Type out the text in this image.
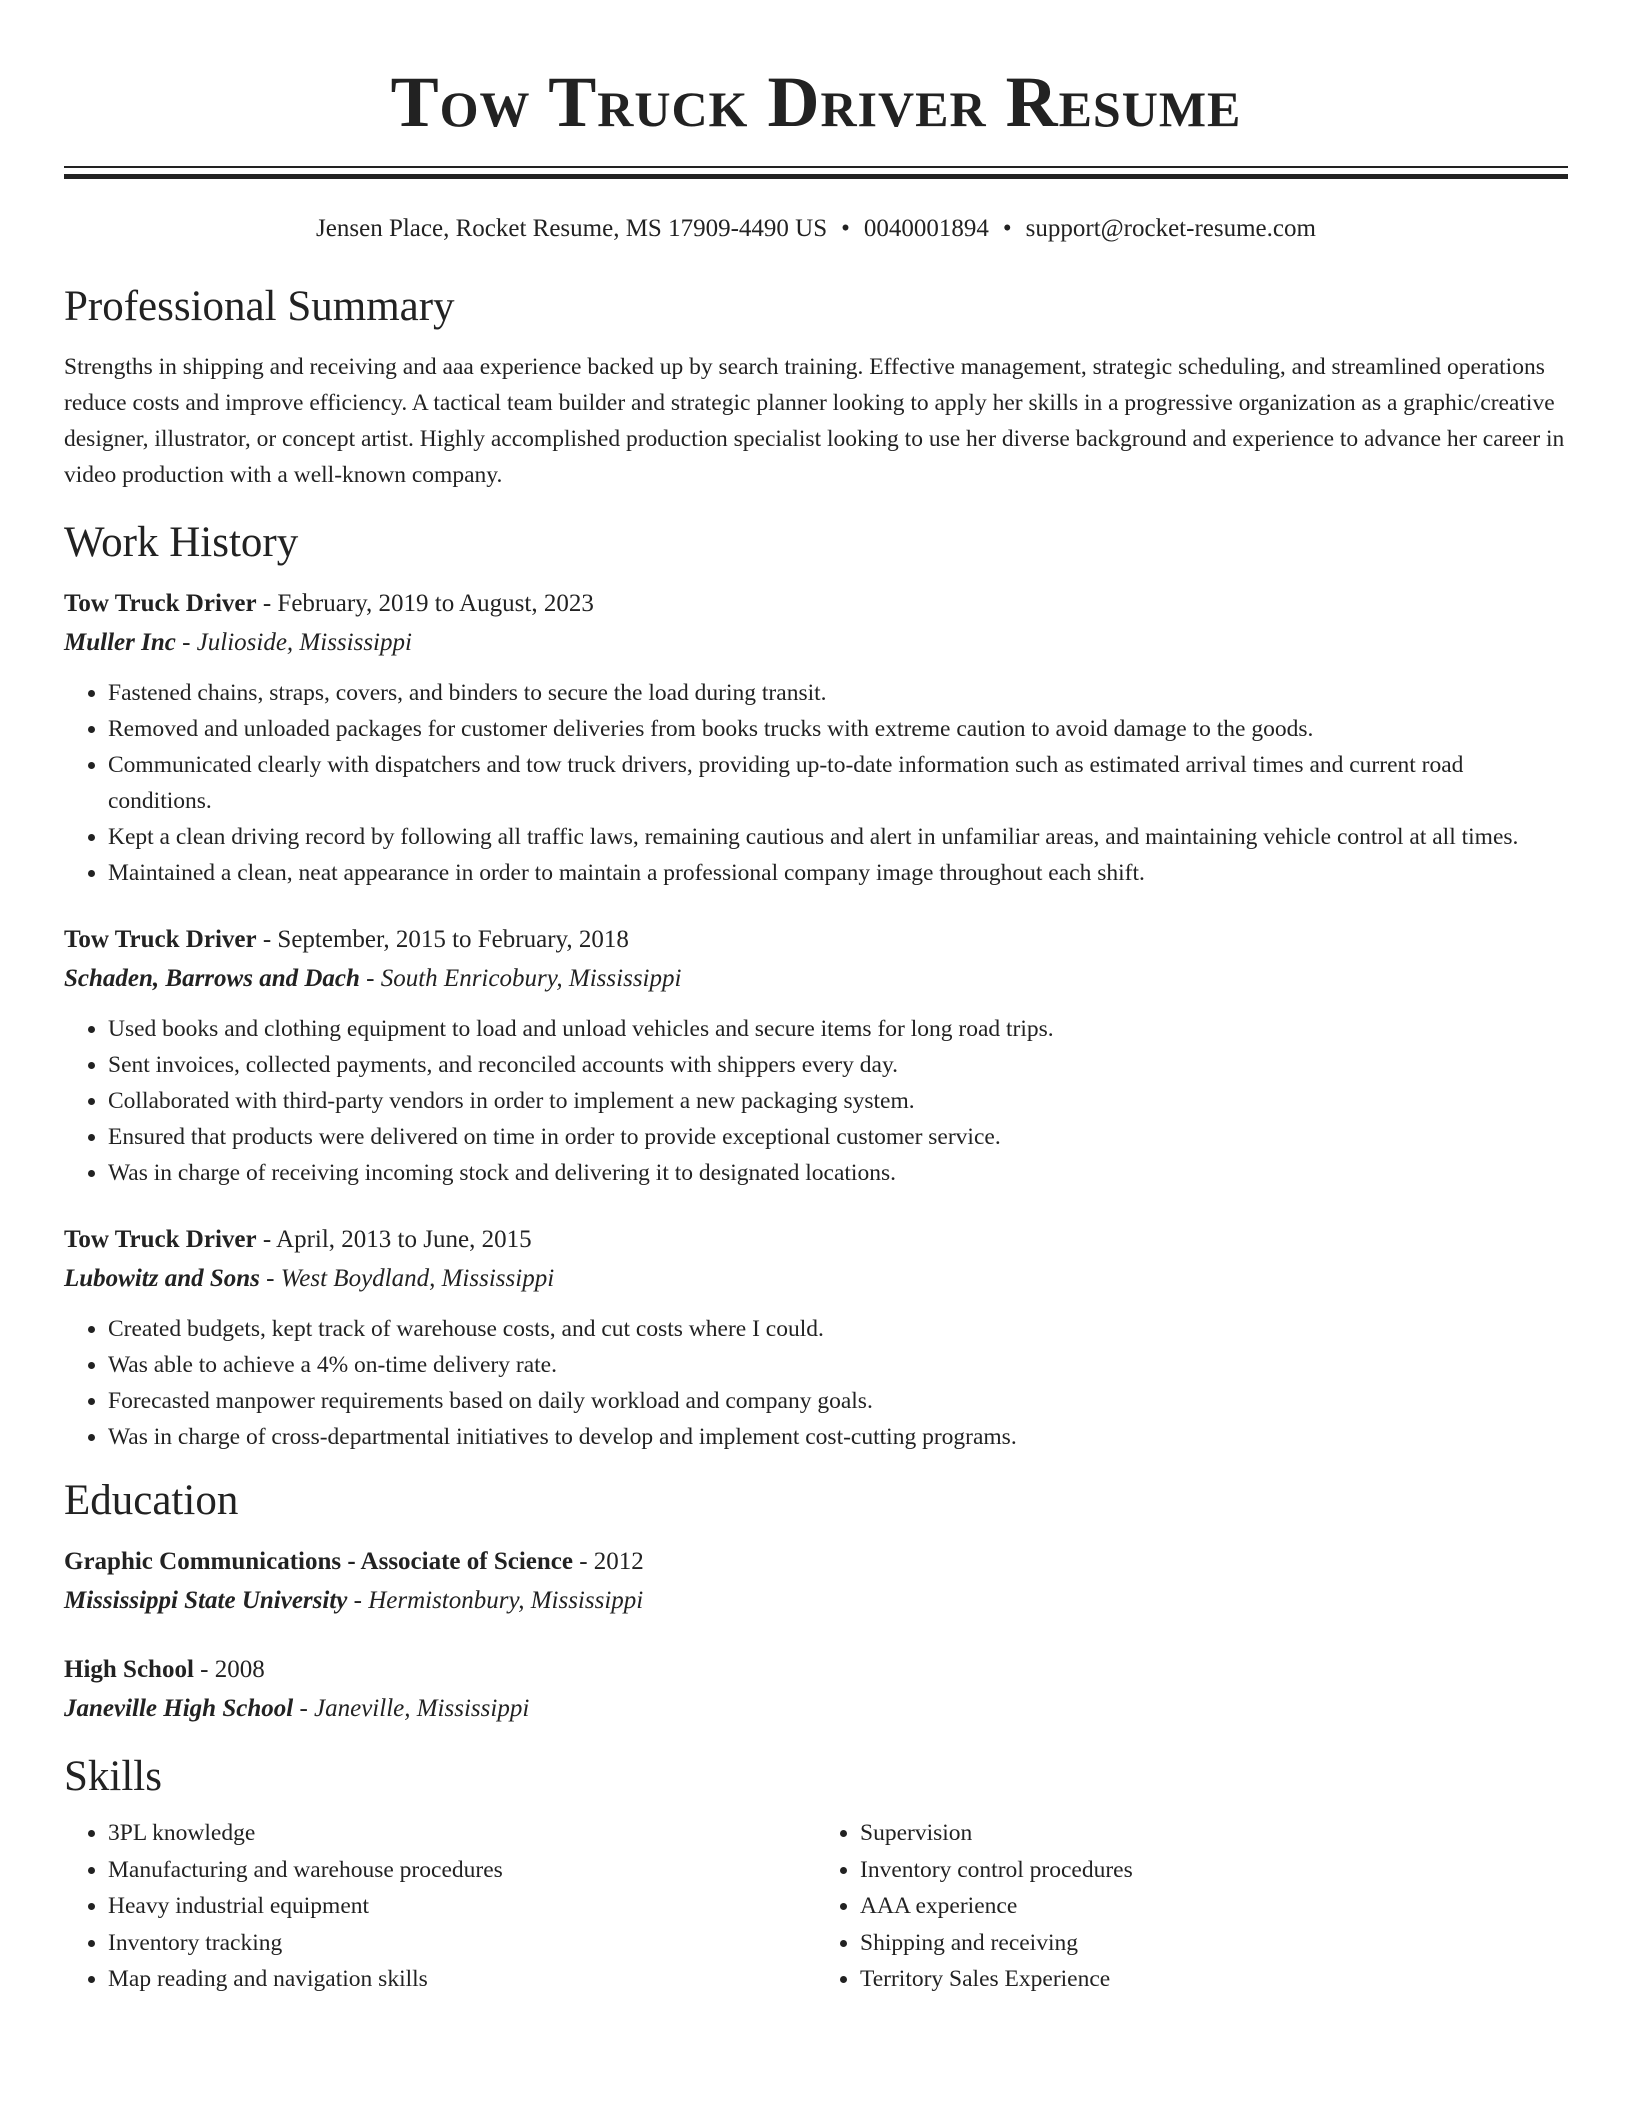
Tow Truck Driver Resume
Jensen Place, Rocket Resume, MS 17909-4490 US • 0040001894 • support@rocket-resume.com
Professional Summary

Strengths in shipping and receiving and aaa experience backed up by search training. Effective management, strategic scheduling, and streamlined operations reduce costs and improve efficiency. A tactical team builder and strategic planner looking to apply her skills in a progressive organization as a graphic/creative designer, illustrator, or concept artist. Highly accomplished production specialist looking to use her diverse background and experience to advance her career in video production with a well-known company.

Work History
Tow Truck Driver - February, 2019 to August, 2023
Muller Inc - Julioside, Mississippi
• Fastened chains, straps, covers, and binders to secure the load during transit.
• Removed and unloaded packages for customer deliveries from books trucks with extreme caution to avoid damage to the goods.
• Communicated clearly with dispatchers and tow truck drivers, providing up-to-date information such as estimated arrival times and current road conditions.
• Kept a clean driving record by following all traffic laws, remaining cautious and alert in unfamiliar areas, and maintaining vehicle control at all times.
• Maintained a clean, neat appearance in order to maintain a professional company image throughout each shift.
Tow Truck Driver - September, 2015 to February, 2018
Schaden, Barrows and Dach - South Enricobury, Mississippi
• Used books and clothing equipment to load and unload vehicles and secure items for long road trips.
• Sent invoices, collected payments, and reconciled accounts with shippers every day.
• Collaborated with third-party vendors in order to implement a new packaging system.
• Ensured that products were delivered on time in order to provide exceptional customer service.
• Was in charge of receiving incoming stock and delivering it to designated locations.
Tow Truck Driver - April, 2013 to June, 2015
Lubowitz and Sons - West Boydland, Mississippi
• Created budgets, kept track of warehouse costs, and cut costs where I could.
• Was able to achieve a 4% on-time delivery rate.
• Forecasted manpower requirements based on daily workload and company goals.
• Was in charge of cross-departmental initiatives to develop and implement cost-cutting programs.
Education
Graphic Communications - Associate of Science - 2012
Mississippi State University - Hermistonbury, Mississippi
High School - 2008
Janeville High School - Janeville, Mississippi
Skills
• 3PL knowledge
• Manufacturing and warehouse procedures
• Heavy industrial equipment
• Inventory tracking
• Map reading and navigation skills
• Supervision
• Inventory control procedures
• AAA experience
• Shipping and receiving
• Territory Sales Experience
